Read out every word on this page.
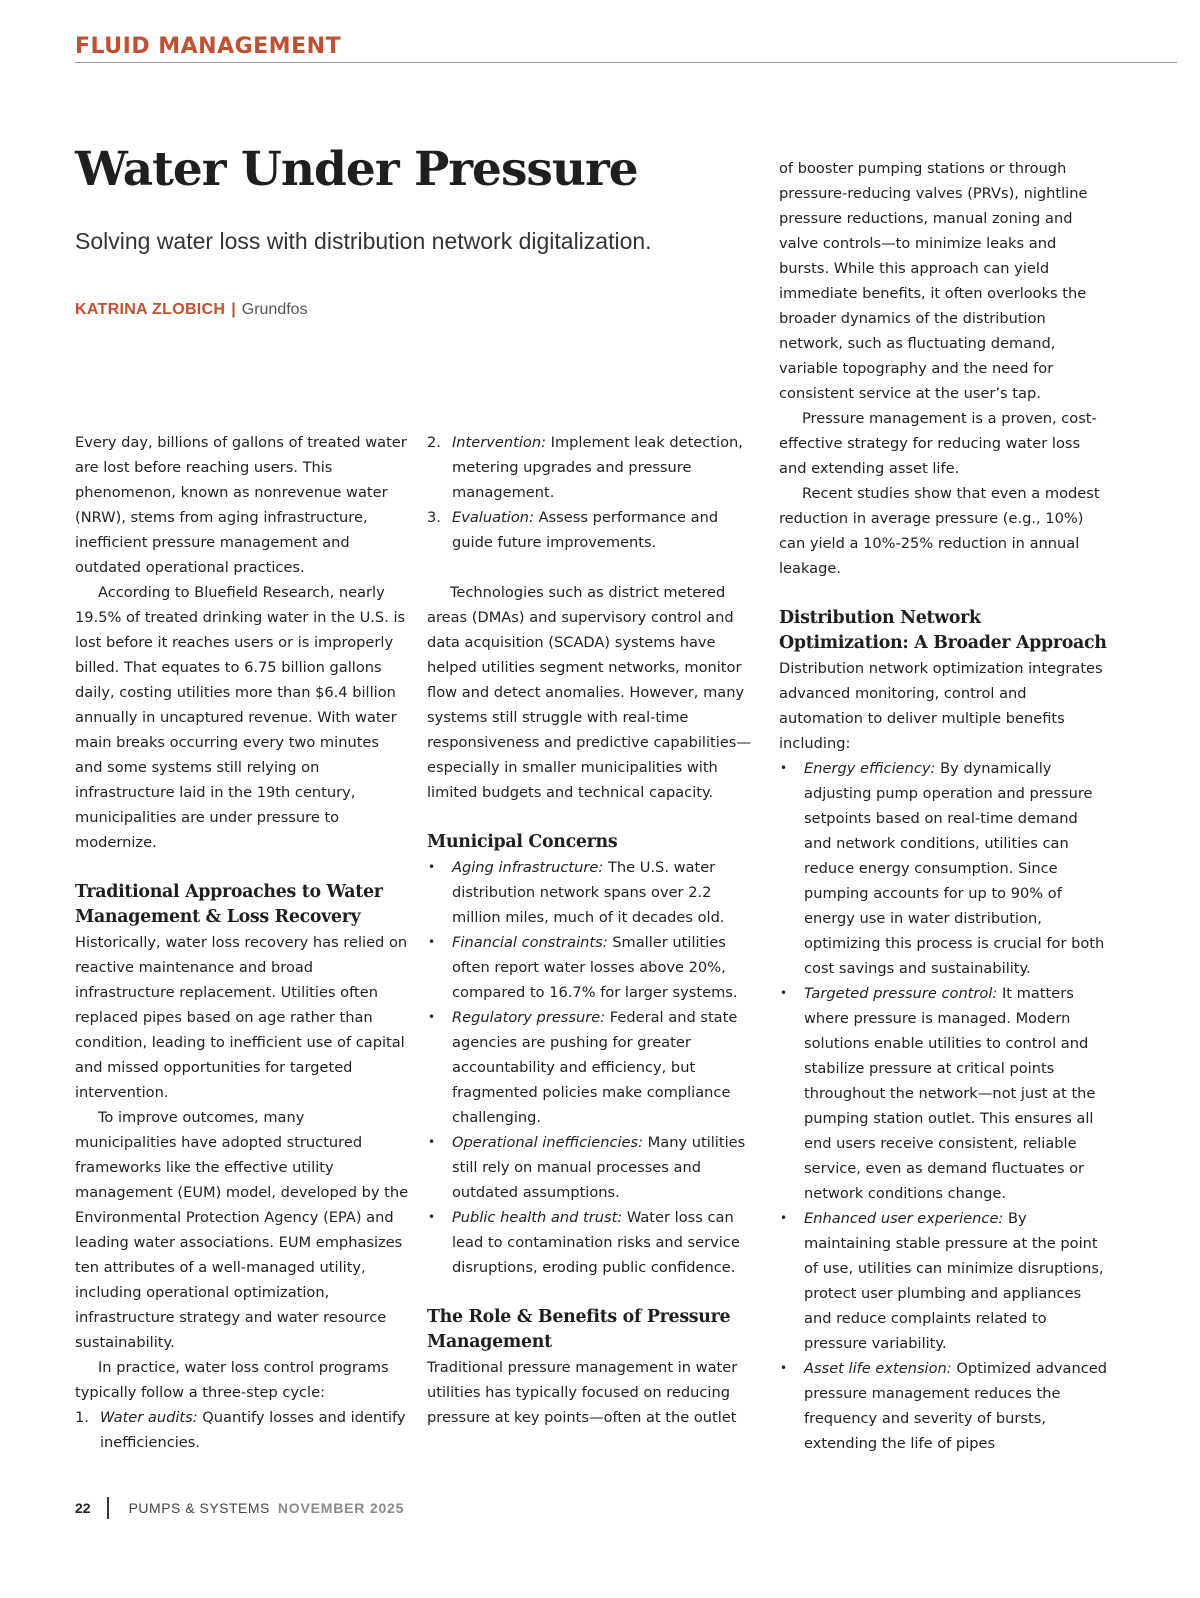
FLUID MANAGEMENT
Water Under Pressure
Solving water loss with distribution network digitalization.
KATRINA ZLOBICH | Grundfos

Every day, billions of gallons of treated water are lost before reaching users. This phenomenon, known as nonrevenue water (NRW), stems from aging infrastructure, inefficient pressure management and outdated operational practices.

According to Bluefield Research, nearly 19.5% of treated drinking water in the U.S. is lost before it reaches users or is improperly billed. That equates to 6.75 billion gallons daily, costing utilities more than $6.4 billion annually in uncaptured revenue. With water main breaks occurring every two minutes and some systems still relying on infrastructure laid in the 19th century, municipalities are under pressure to modernize.

Traditional Approaches to Water Management & Loss Recovery

Historically, water loss recovery has relied on reactive maintenance and broad infrastructure replacement. Utilities often replaced pipes based on age rather than condition, leading to inefficient use of capital and missed opportunities for targeted intervention.

To improve outcomes, many municipalities have adopted structured frameworks like the effective utility management (EUM) model, developed by the Environmental Protection Agency (EPA) and leading water associations. EUM emphasizes ten attributes of a well-managed utility, including operational optimization, infrastructure strategy and water resource sustainability.

In practice, water loss control programs typically follow a three-step cycle:

1. Water audits: Quantify losses and identify inefficiencies.
2. Intervention: Implement leak detection, metering upgrades and pressure management.
3. Evaluation: Assess performance and guide future improvements.

Technologies such as district metered areas (DMAs) and supervisory control and data acquisition (SCADA) systems have helped utilities segment networks, monitor flow and detect anomalies. However, many systems still struggle with real-time responsiveness and predictive capabilities—especially in smaller municipalities with limited budgets and technical capacity.

Municipal Concerns
• Aging infrastructure: The U.S. water distribution network spans over 2.2 million miles, much of it decades old.
• Financial constraints: Smaller utilities often report water losses above 20%, compared to 16.7% for larger systems.
• Regulatory pressure: Federal and state agencies are pushing for greater accountability and efficiency, but fragmented policies make compliance challenging.
• Operational inefficiencies: Many utilities still rely on manual processes and outdated assumptions.
• Public health and trust: Water loss can lead to contamination risks and service disruptions, eroding public confidence.
The Role & Benefits of Pressure Management

Traditional pressure management in water utilities has typically focused on reducing pressure at key points—often at the outlet

of booster pumping stations or through pressure-reducing valves (PRVs), nightline pressure reductions, manual zoning and valve controls—to minimize leaks and bursts. While this approach can yield immediate benefits, it often overlooks the broader dynamics of the distribution network, such as fluctuating demand, variable topography and the need for consistent service at the user’s tap.

Pressure management is a proven, cost-effective strategy for reducing water loss and extending asset life.

Recent studies show that even a modest reduction in average pressure (e.g., 10%) can yield a 10%-25% reduction in annual leakage.

Distribution Network Optimization: A Broader Approach

Distribution network optimization integrates advanced monitoring, control and automation to deliver multiple benefits including:

• Energy efficiency: By dynamically adjusting pump operation and pressure setpoints based on real-time demand and network conditions, utilities can reduce energy consumption. Since pumping accounts for up to 90% of energy use in water distribution, optimizing this process is crucial for both cost savings and sustainability.
• Targeted pressure control: It matters where pressure is managed. Modern solutions enable utilities to control and stabilize pressure at critical points throughout the network—not just at the pumping station outlet. This ensures all end users receive consistent, reliable service, even as demand fluctuates or network conditions change.
• Enhanced user experience: By maintaining stable pressure at the point of use, utilities can minimize disruptions, protect user plumbing and appliances and reduce complaints related to pressure variability.
• Asset life extension: Optimized advanced pressure management reduces the frequency and severity of bursts, extending the life of pipes
22	PUMPS & SYSTEMS NOVEMBER 2025
